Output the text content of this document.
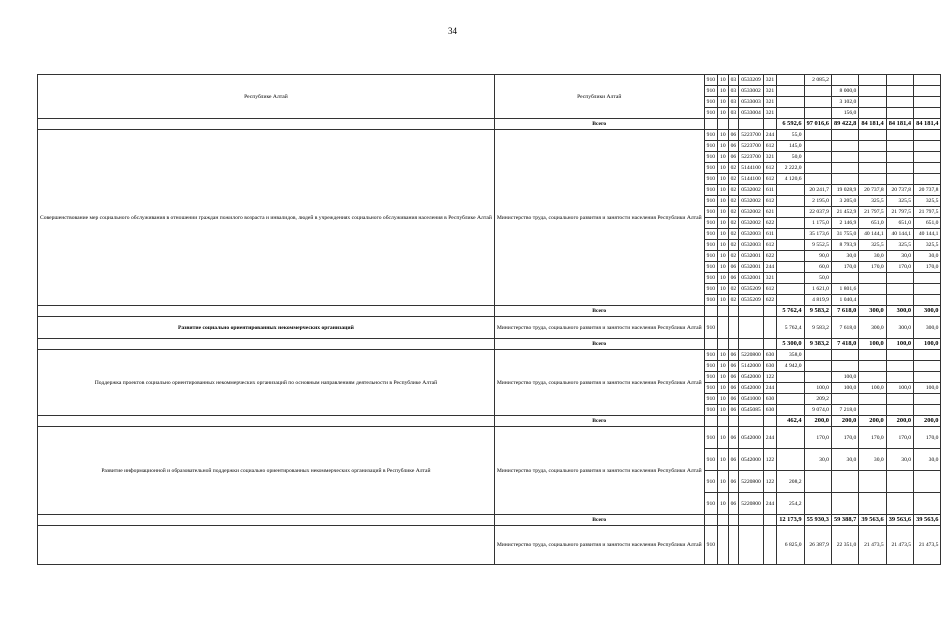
34
Республике Алтай	Республики Алтай	910	10	03	0533209	321		2 085,2				
		910	10	03	0533002	321			8 000,0			
		910	10	03	0533003	321			3 102,0			
		910	10	03	0533004	321			156,0			
	Всего						6 592,6	97 016,6	89 422,8	84 181,4	84 181,4	84 181,4
Совершенствование мер социального обслуживания в отношении граждан пожилого возраста и инвалидов, людей в учреждениях социального обслуживания населения в Республике Алтай	Министерство труда, социального развития и занятости населения Республики Алтай	910	10	06	5223700	244	55,0					
		910	10	06	5223700	612	145,0					
		910	10	06	5223700	321	50,0					
		910	10	02	5144100	612	2 222,0					
		910	10	02	5144100	612	4 120,6					
		910	10	02	0532002	611		20 241,7	19 028,9	20 737,8	20 737,8	20 737,8
		910	10	02	0532002	612		2 195,0	3 205,0	325,5	325,5	325,5
		910	10	02	0532002	621		22 037,9	21 452,9	21 797,5	21 797,5	21 797,5
		910	10	02	0532002	622		1 175,0	2 146,9	651,0	651,0	651,0
		910	10	02	0532003	611		35 173,6	31 755,0	40 144,1	40 144,1	40 144,1
		910	10	02	0532003	612		9 552,5	8 793,9	325,5	325,5	325,5
		910	10	02	0532001	622		90,0	30,0	30,0	30,0	30,0
		910	10	06	0532001	244		60,0	170,0	170,0	170,0	170,0
		910	10	06	0532001	321		50,0				
		910	10	02	0535209	612		1 621,0	1 801,6			
		910	10	02	0535209	622		4 819,9	1 040,4			
	Всего						5 762,4	9 583,2	7 618,0	300,0	300,0	300,0
Развитие социально ориентированных некоммерческих организаций	Министерство труда, социального развития и занятости населения Республики Алтай	910					5 762,4	9 583,2	7 618,0	300,0	300,0	300,0
	Всего						5 300,0	9 383,2	7 418,0	100,0	100,0	100,0
Поддержка проектов социально ориентированных некоммерческих организаций по основным направлениям деятельности в Республике Алтай	Министерство труда, социального развития и занятости населения Республики Алтай	910	10	06	5220800	630	358,0					
		910	10	06	5142000	630	4 942,0					
		910	10	06	0542000	122			100,0			
		910	10	06	0542000	244		100,0	100,0	100,0	100,0	100,0
		910	10	06	0541000	630		209,2				
		910	10	06	0545085	630		9 074,0	7 218,0			
	Всего						462,4	200,0	200,0	200,0	200,0	200,0
Развитие информационной и образовательной поддержки социально ориентированных некоммерческих организаций в Республике Алтай	Министерство труда, социального развития и занятости населения Республики Алтай	910	10	06	0542000	244		170,0	170,0	170,0	170,0	170,0
		910	10	06	0542000	122		30,0	30,0	30,0	30,0	30,0
		910	10	06	5220800	122	208,2					
		910	10	06	5220800	244	254,2					
	Всего						12 173,9	55 930,3	59 388,7	39 563,6	39 563,6	39 563,6
	Министерство труда, социального развития и занятости населения Республики Алтай	910					6 825,0	26 387,9	22 351,0	21 473,5	21 473,5	21 473,5
